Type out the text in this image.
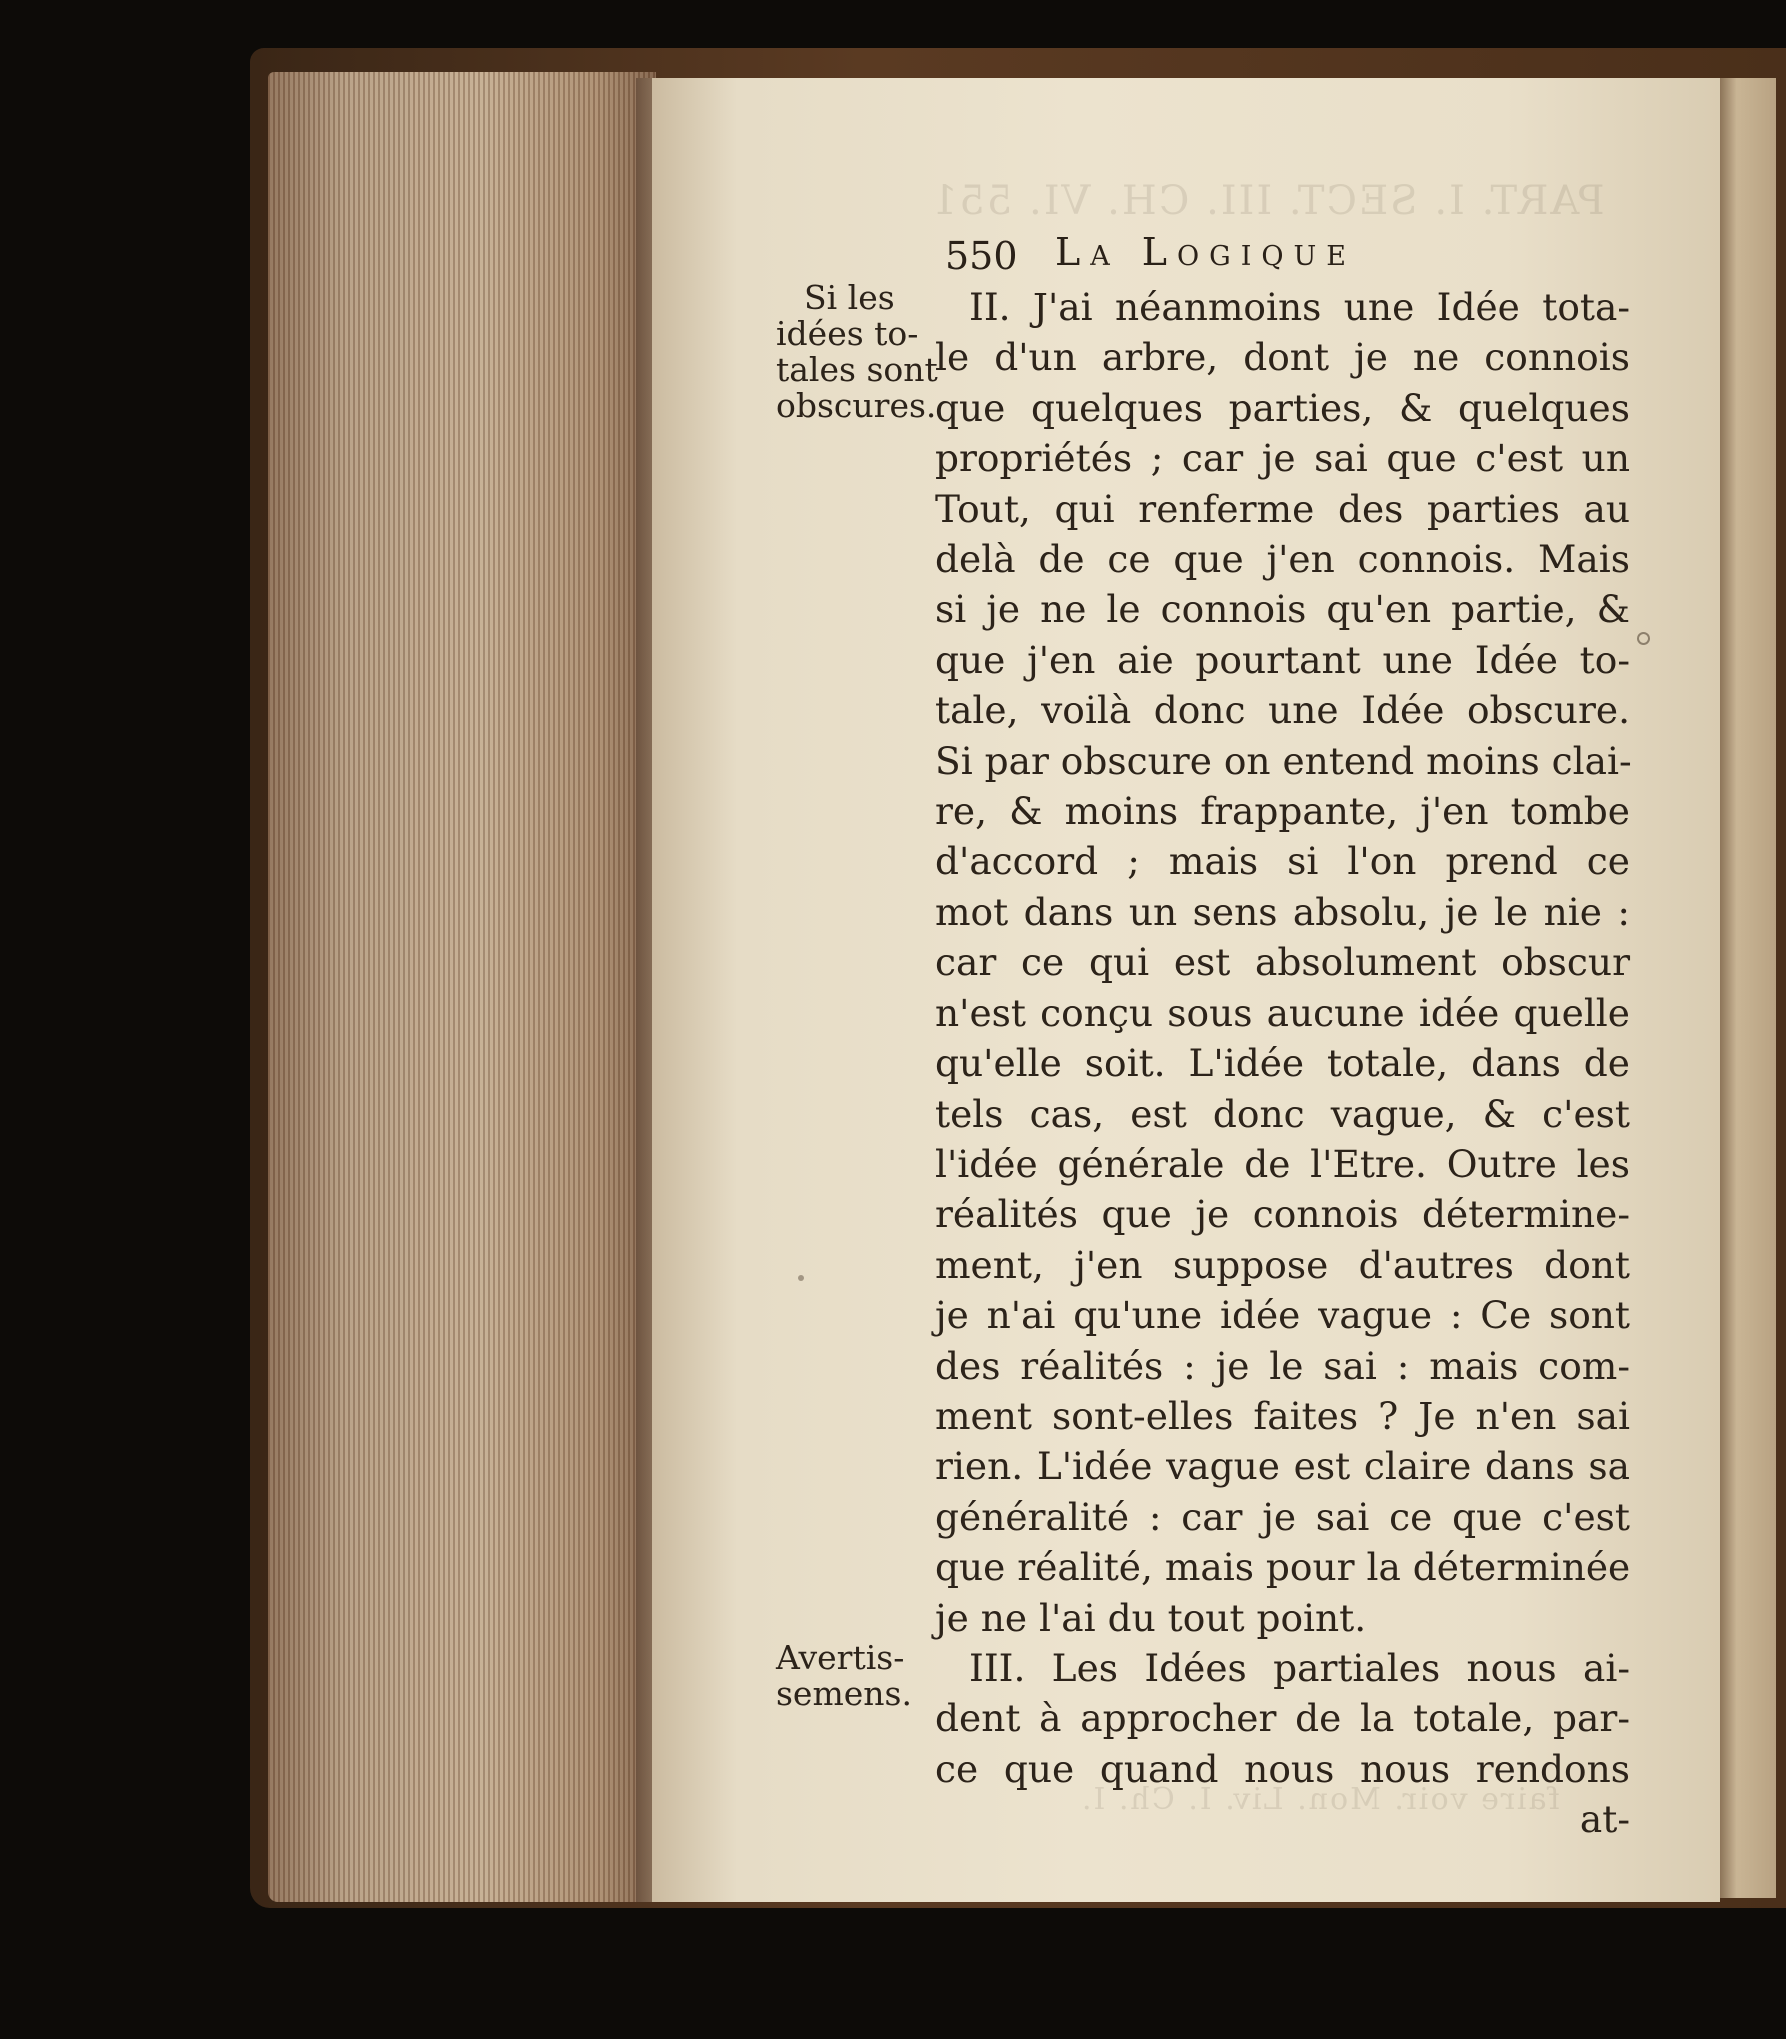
PART. I. SECT. III. CH. VI. 551
faire voir. Mon. Liv. I. Ch. I.
550 La Logique
Si les
idées to-
tales sont
obscures.
Avertis-
semens.
II. J'ai néanmoins une Idée tota-
le d'un arbre, dont je ne connois
que quelques parties, & quelques
propriétés ; car je sai que c'est un
Tout, qui renferme des parties au
delà de ce que j'en connois. Mais
si je ne le connois qu'en partie, &
que j'en aie pourtant une Idée to-
tale, voilà donc une Idée obscure.
Si par obscure on entend moins clai-
re, & moins frappante, j'en tombe
d'accord ; mais si l'on prend ce
mot dans un sens absolu, je le nie :
car ce qui est absolument obscur
n'est conçu sous aucune idée quelle
qu'elle soit. L'idée totale, dans de
tels cas, est donc vague, & c'est
l'idée générale de l'Etre. Outre les
réalités que je connois détermine-
ment, j'en suppose d'autres dont
je n'ai qu'une idée vague : Ce sont
des réalités : je le sai : mais com-
ment sont-elles faites ? Je n'en sai
rien. L'idée vague est claire dans sa
généralité : car je sai ce que c'est
que réalité, mais pour la déterminée
je ne l'ai du tout point.
III. Les Idées partiales nous ai-
dent à approcher de la totale, par-
ce que quand nous nous rendons
at-
